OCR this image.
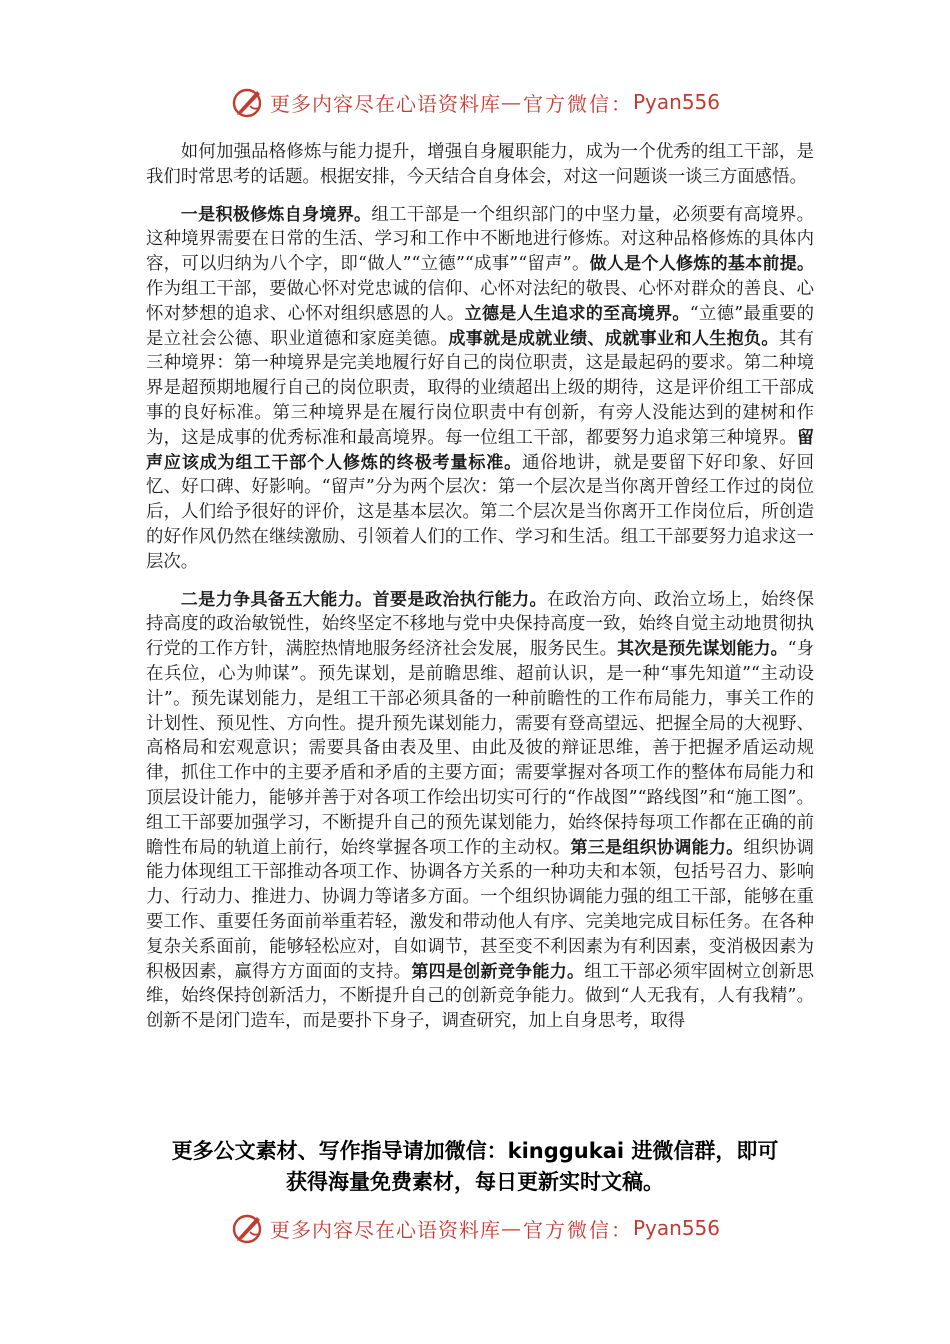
更多内容尽在心语资料库 — 官方微信： Pyan556

如何加强品格修炼与能力提升，增强自身履职能力，成为一个优秀的组工干部，是我们时常思考的话题。根据安排，今天结合自身体会，对这一问题谈一谈三方面感悟。

一是积极修炼自身境界。组工干部是一个组织部门的中坚力量，必须要有高境界。这种境界需要在日常的生活、学习和工作中不断地进行修炼。对这种品格修炼的具体内容，可以归纳为八个字，即“做人”“立德”“成事”“留声”。做人是个人修炼的基本前提。作为组工干部，要做心怀对党忠诚的信仰、心怀对法纪的敬畏、心怀对群众的善良、心怀对梦想的追求、心怀对组织感恩的人。立德是人生追求的至高境界。“立德”最重要的是立社会公德、职业道德和家庭美德。成事就是成就业绩、成就事业和人生抱负。其有三种境界：第一种境界是完美地履行好自己的岗位职责，这是最起码的要求。第二种境界是超预期地履行自己的岗位职责，取得的业绩超出上级的期待，这是评价组工干部成事的良好标准。第三种境界是在履行岗位职责中有创新，有旁人没能达到的建树和作为，这是成事的优秀标准和最高境界。每一位组工干部，都要努力追求第三种境界。留声应该成为组工干部个人修炼的终极考量标准。通俗地讲，就是要留下好印象、好回忆、好口碑、好影响。“留声”分为两个层次：第一个层次是当你离开曾经工作过的岗位后，人们给予很好的评价，这是基本层次。第二个层次是当你离开工作岗位后，所创造的好作风仍然在继续激励、引领着人们的工作、学习和生活。组工干部要努力追求这一层次。

二是力争具备五大能力。首要是政治执行能力。在政治方向、政治立场上，始终保持高度的政治敏锐性，始终坚定不移地与党中央保持高度一致，始终自觉主动地贯彻执行党的工作方针，满腔热情地服务经济社会发展，服务民生。其次是预先谋划能力。“身在兵位，心为帅谋”。预先谋划，是前瞻思维、超前认识，是一种“事先知道”“主动设计”。预先谋划能力，是组工干部必须具备的一种前瞻性的工作布局能力，事关工作的计划性、预见性、方向性。提升预先谋划能力，需要有登高望远、把握全局的大视野、高格局和宏观意识；需要具备由表及里、由此及彼的辩证思维，善于把握矛盾运动规律，抓住工作中的主要矛盾和矛盾的主要方面；需要掌握对各项工作的整体布局能力和顶层设计能力，能够并善于对各项工作绘出切实可行的“作战图”“路线图”和“施工图”。组工干部要加强学习，不断提升自己的预先谋划能力，始终保持每项工作都在正确的前瞻性布局的轨道上前行，始终掌握各项工作的主动权。第三是组织协调能力。组织协调能力体现组工干部推动各项工作、协调各方关系的一种功夫和本领，包括号召力、影响力、行动力、推进力、协调力等诸多方面。一个组织协调能力强的组工干部，能够在重要工作、重要任务面前举重若轻，激发和带动他人有序、完美地完成目标任务。在各种复杂关系面前，能够轻松应对，自如调节，甚至变不利因素为有利因素，变消极因素为积极因素，赢得方方面面的支持。第四是创新竞争能力。组工干部必须牢固树立创新思维，始终保持创新活力，不断提升自己的创新竞争能力。做到“人无我有，人有我精”。创新不是闭门造车，而是要扑下身子，调查研究，加上自身思考，取得

更多公文素材、写作指导请加微信：kinggukai 进微信群，即可
获得海量免费素材，每日更新实时文稿。
更多内容尽在心语资料库 — 官方微信： Pyan556
